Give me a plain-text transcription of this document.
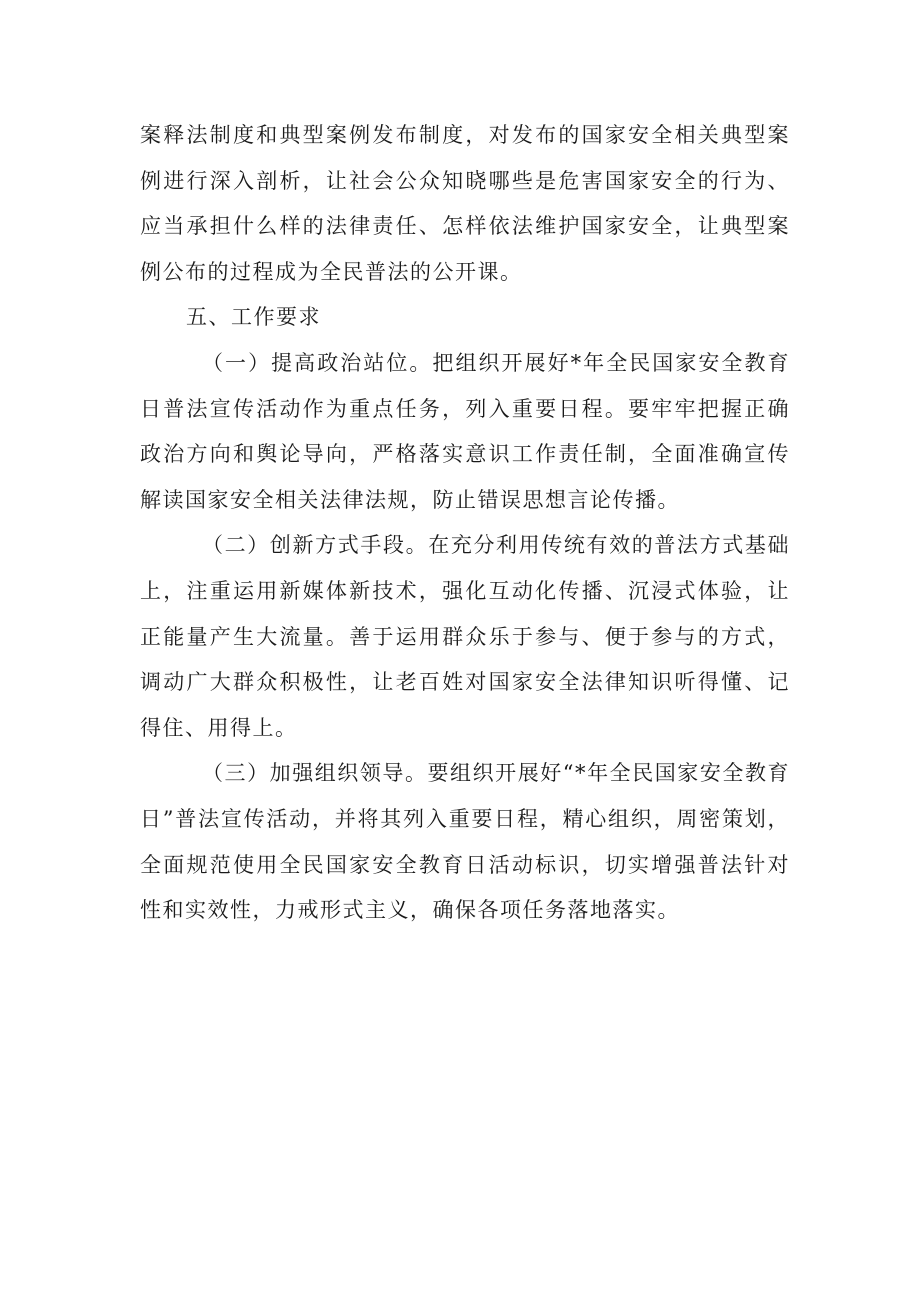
案释法制度和典型案例发布制度，对发布的国家安全相关典型案例进行深入剖析，让社会公众知晓哪些是危害国家安全的行为、应当承担什么样的法律责任、怎样依法维护国家安全，让典型案例公布的过程成为全民普法的公开课。

五、工作要求

（一）提高政治站位。把组织开展好*年全民国家安全教育日普法宣传活动作为重点任务，列入重要日程。要牢牢把握正确政治方向和舆论导向，严格落实意识工作责任制，全面准确宣传解读国家安全相关法律法规，防止错误思想言论传播。

（二）创新方式手段。在充分利用传统有效的普法方式基础上，注重运用新媒体新技术，强化互动化传播、沉浸式体验，让正能量产生大流量。善于运用群众乐于参与、便于参与的方式，调动广大群众积极性，让老百姓对国家安全法律知识听得懂、记得住、用得上。

（三）加强组织领导。要组织开展好“*年全民国家安全教育日”普法宣传活动，并将其列入重要日程，精心组织，周密策划，全面规范使用全民国家安全教育日活动标识，切实增强普法针对性和实效性，力戒形式主义，确保各项任务落地落实。
